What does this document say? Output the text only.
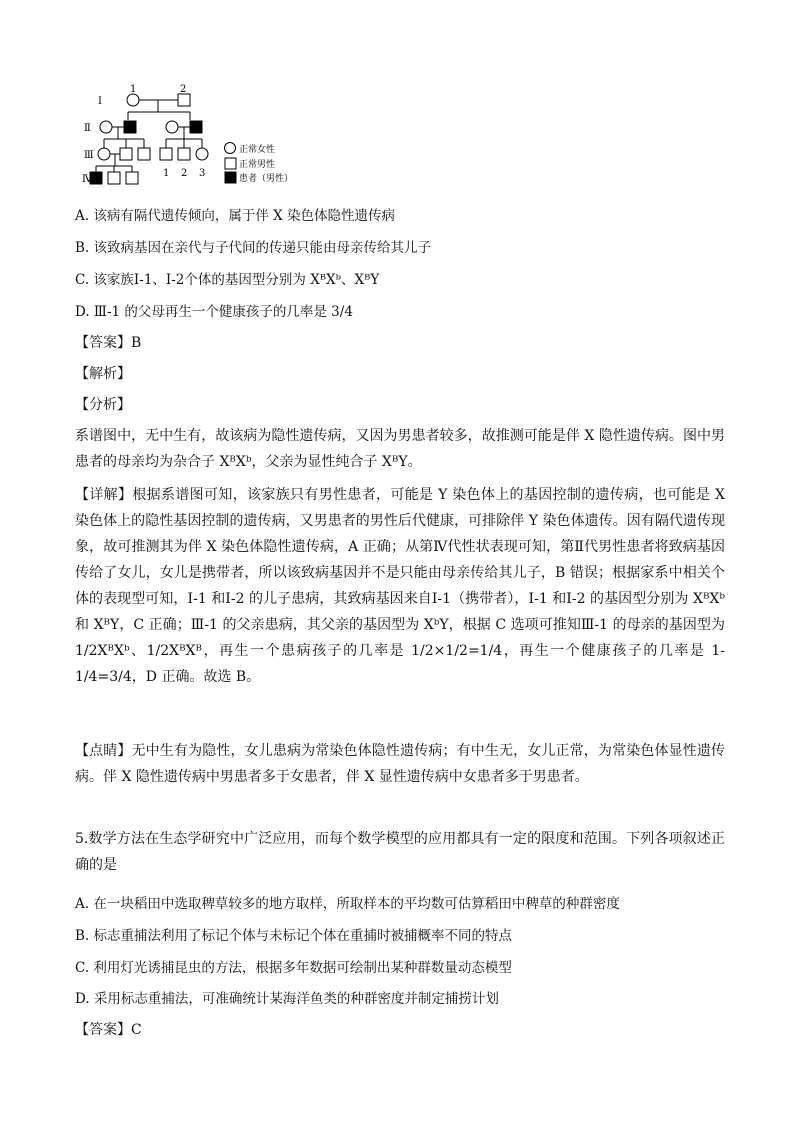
Ⅰ
Ⅱ
Ⅲ
Ⅳ
1	2
1 2 3
正常女性
正常男性
患者（男性）
A. 该病有隔代遗传倾向，属于伴 X 染色体隐性遗传病
B. 该致病基因在亲代与子代间的传递只能由母亲传给其儿子
C. 该家族Ⅰ-1、Ⅰ-2个体的基因型分别为 XᴮXᵇ、XᴮY
D. Ⅲ-1 的父母再生一个健康孩子的几率是 3/4
【答案】B
【解析】
【分析】
系谱图中，无中生有，故该病为隐性遗传病，又因为男患者较多，故推测可能是伴 X 隐性遗传病。图中男患者的母亲均为杂合子 XᴮXᵇ，父亲为显性纯合子 XᴮY。
【详解】根据系谱图可知，该家族只有男性患者，可能是 Y 染色体上的基因控制的遗传病，也可能是 X 染色体上的隐性基因控制的遗传病，又男患者的男性后代健康，可排除伴 Y 染色体遗传。因有隔代遗传现象，故可推测其为伴 X 染色体隐性遗传病，A 正确；从第Ⅳ代性状表现可知，第Ⅱ代男性患者将致病基因传给了女儿，女儿是携带者，所以该致病基因并不是只能由母亲传给其儿子，B 错误；根据家系中相关个体的表现型可知，Ⅰ-1 和Ⅰ-2 的儿子患病，其致病基因来自Ⅰ-1（携带者），Ⅰ-1 和Ⅰ-2 的基因型分别为 XᴮXᵇ 和 XᴮY，C 正确；Ⅲ-1 的父亲患病，其父亲的基因型为 XᵇY，根据 C 选项可推知Ⅲ-1 的母亲的基因型为 1/2XᴮXᵇ、1/2XᴮXᴮ，再生一个患病孩子的几率是 1/2×1/2=1/4，再生一个健康孩子的几率是 1-1/4=3/4，D 正确。故选 B。
【点睛】无中生有为隐性，女儿患病为常染色体隐性遗传病；有中生无，女儿正常，为常染色体显性遗传病。伴 X 隐性遗传病中男患者多于女患者，伴 X 显性遗传病中女患者多于男患者。
5.数学方法在生态学研究中广泛应用，而每个数学模型的应用都具有一定的限度和范围。下列各项叙述正确的是
A. 在一块稻田中选取稗草较多的地方取样，所取样本的平均数可估算稻田中稗草的种群密度
B. 标志重捕法利用了标记个体与未标记个体在重捕时被捕概率不同的特点
C. 利用灯光诱捕昆虫的方法，根据多年数据可绘制出某种群数量动态模型
D. 采用标志重捕法，可准确统计某海洋鱼类的种群密度并制定捕捞计划
【答案】C
